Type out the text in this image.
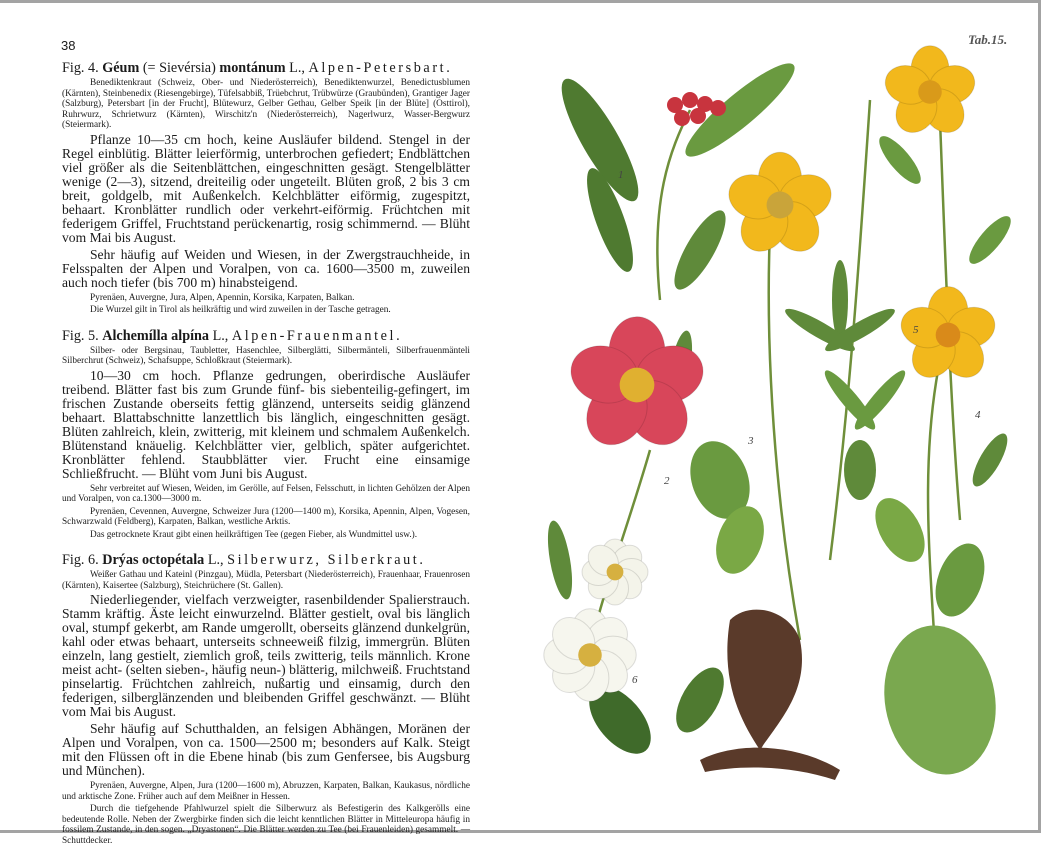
38
Fig. 4. Géum (= Sievérsia) montánum L., Alpen-Petersbart.
Benediktenkraut (Schweiz, Ober- und Niederösterreich), Benediktenwurzel, Benedictusblumen (Kärnten), Steinbenedix (Riesengebirge), Tüfelsabbiß, Trüebchrut, Trübwürze (Graubünden), Grantiger Jager (Salzburg), Petersbart [in der Frucht], Blütewurz, Gelber Gethau, Gelber Speik [in der Blüte] (Osttirol), Ruhrwurz, Schrietwurz (Kärnten), Wirschitz'n (Niederösterreich), Nagerlwurz, Wasser-Bergwurz (Steiermark).
Pflanze 10—35 cm hoch, keine Ausläufer bildend. Stengel in der Regel einblütig. Blätter leierförmig, unterbrochen gefiedert; Endblättchen viel größer als die Seitenblättchen, eingeschnitten gesägt. Stengelblätter wenige (2—3), sitzend, dreiteilig oder ungeteilt. Blüten groß, 2 bis 3 cm breit, goldgelb, mit Außenkelch. Kelchblätter eiförmig, zugespitzt, behaart. Kronblätter rundlich oder verkehrt-eiförmig. Früchtchen mit federigem Griffel, Fruchtstand perückenartig, rosig schimmernd. — Blüht vom Mai bis August.
Sehr häufig auf Weiden und Wiesen, in der Zwergstrauchheide, in Felsspalten der Alpen und Voralpen, von ca. 1600—3500 m, zuweilen auch noch tiefer (bis 700 m) hinabsteigend.
Pyrenäen, Auvergne, Jura, Alpen, Apennin, Korsika, Karpaten, Balkan.
Die Wurzel gilt in Tirol als heilkräftig und wird zuweilen in der Tasche getragen.
Fig. 5. Alchemílla alpína L., Alpen-Frauenmantel.
Silber- oder Bergsinau, Taubletter, Hasenchlee, Silberglätti, Silbermänteli, Silberfrauenmänteli Silberchrut (Schweiz), Schafsuppe, Schloßkraut (Steiermark).
10—30 cm hoch. Pflanze gedrungen, oberirdische Ausläufer treibend. Blätter fast bis zum Grunde fünf- bis siebenteilig-gefingert, im frischen Zustande oberseits fettig glänzend, unterseits seidig glänzend behaart. Blattabschnitte lanzettlich bis länglich, eingeschnitten gesägt. Blüten zahlreich, klein, zwitterig, mit kleinem und schmalem Außenkelch. Blütenstand knäuelig. Kelchblätter vier, gelblich, später aufgerichtet. Kronblätter fehlend. Staubblätter vier. Frucht eine einsamige Schließfrucht. — Blüht vom Juni bis August.
Sehr verbreitet auf Wiesen, Weiden, im Gerölle, auf Felsen, Felsschutt, in lichten Gehölzen der Alpen und Voralpen, von ca.1300—3000 m.
Pyrenäen, Cevennen, Auvergne, Schweizer Jura (1200—1400 m), Korsika, Apennin, Alpen, Vogesen, Schwarzwald (Feldberg), Karpaten, Balkan, westliche Arktis.
Das getrocknete Kraut gibt einen heilkräftigen Tee (gegen Fieber, als Wundmittel usw.).
Fig. 6. Drýas octopétala L., Silberwurz, Silberkraut.
Weißer Gathau und Kateinl (Pinzgau), Müdla, Petersbart (Niederösterreich), Frauenhaar, Frauenrosen (Kärnten), Kaisertee (Salzburg), Steichrüchere (St. Gallen).
Niederliegender, vielfach verzweigter, rasenbildender Spalierstrauch. Stamm kräftig. Äste leicht einwurzelnd. Blätter gestielt, oval bis länglich oval, stumpf gekerbt, am Rande umgerollt, oberseits glänzend dunkelgrün, kahl oder etwas behaart, unterseits schneeweiß filzig, immergrün. Blüten einzeln, lang gestielt, ziemlich groß, teils zwitterig, teils männlich. Krone meist acht- (selten sieben-, häufig neun-) blätterig, milchweiß. Fruchtstand pinselartig. Früchtchen zahlreich, nußartig und einsamig, durch den federigen, silberglänzenden und bleibenden Griffel geschwänzt. — Blüht vom Mai bis August.
Sehr häufig auf Schutthalden, an felsigen Abhängen, Moränen der Alpen und Voralpen, von ca. 1500—2500 m; besonders auf Kalk. Steigt mit den Flüssen oft in die Ebene hinab (bis zum Genfersee, bis Augsburg und München).
Pyrenäen, Auvergne, Alpen, Jura (1200—1600 m), Abruzzen, Karpaten, Balkan, Kaukasus, nördliche und arktische Zone. Früher auch auf dem Meißner in Hessen.
Durch die tiefgehende Pfahlwurzel spielt die Silberwurz als Befestigerin des Kalkgerölls eine bedeutende Rolle. Neben der Zwergbirke finden sich die leicht kenntlichen Blätter in Mitteleuropa häufig in fossilem Zustande, in den sogen. „Dryastonen“. Die Blätter werden zu Tee (bei Frauenleiden) gesammelt. — Schuttdecker.
Tab.15.
1
2
3
4
5
6
